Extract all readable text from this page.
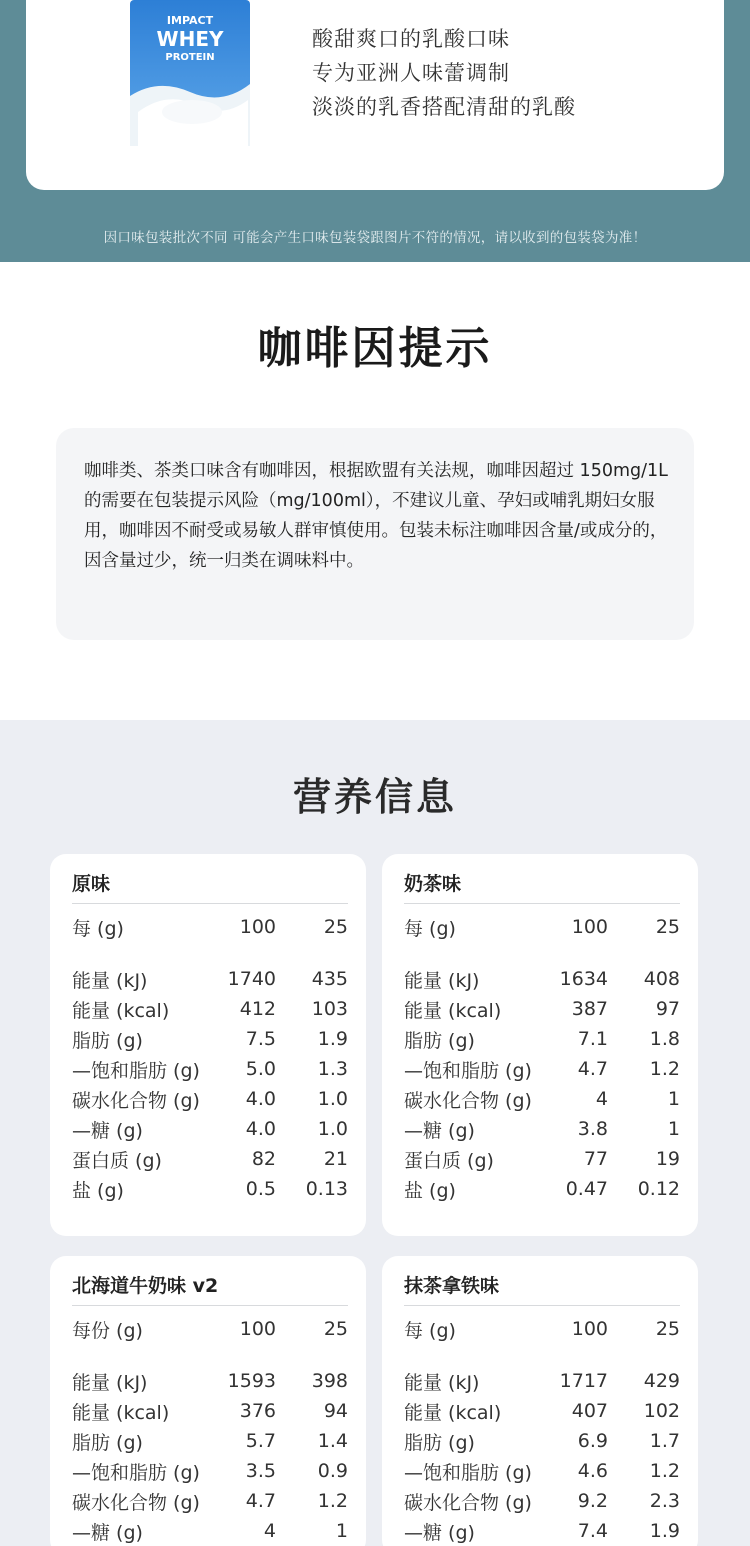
IMPACT
WHEY
PROTEIN
酸甜爽口的乳酸口味
专为亚洲人味蕾调制
淡淡的乳香搭配清甜的乳酸
因口味包装批次不同 可能会产生口味包装袋跟图片不符的情况，请以收到的包装袋为准！
咖啡因提示

咖啡类、茶类口味含有咖啡因，根据欧盟有关法规，咖啡因超过 150mg/1L 的需要在包装提示风险（mg/100ml），不建议儿童、孕妇或哺乳期妇女服用，咖啡因不耐受或易敏人群审慎使用。包装未标注咖啡因含量/或成分的，因含量过少，统一归类在调味料中。

营养信息
原味
每 (g)	100	25
能量 (kJ)	1740	435
能量 (kcal)	412	103
脂肪 (g)	7.5	1.9
—饱和脂肪 (g)	5.0	1.3
碳水化合物 (g)	4.0	1.0
—糖 (g)	4.0	1.0
蛋白质 (g)	82	21
盐 (g)	0.5	0.13
奶茶味
每 (g)	100	25
能量 (kJ)	1634	408
能量 (kcal)	387	97
脂肪 (g)	7.1	1.8
—饱和脂肪 (g)	4.7	1.2
碳水化合物 (g)	4	1
—糖 (g)	3.8	1
蛋白质 (g)	77	19
盐 (g)	0.47	0.12
北海道牛奶味 v2
每份 (g)	100	25
能量 (kJ)	1593	398
能量 (kcal)	376	94
脂肪 (g)	5.7	1.4
—饱和脂肪 (g)	3.5	0.9
碳水化合物 (g)	4.7	1.2
—糖 (g)	4	1
抹茶拿铁味
每 (g)	100	25
能量 (kJ)	1717	429
能量 (kcal)	407	102
脂肪 (g)	6.9	1.7
—饱和脂肪 (g)	4.6	1.2
碳水化合物 (g)	9.2	2.3
—糖 (g)	7.4	1.9
